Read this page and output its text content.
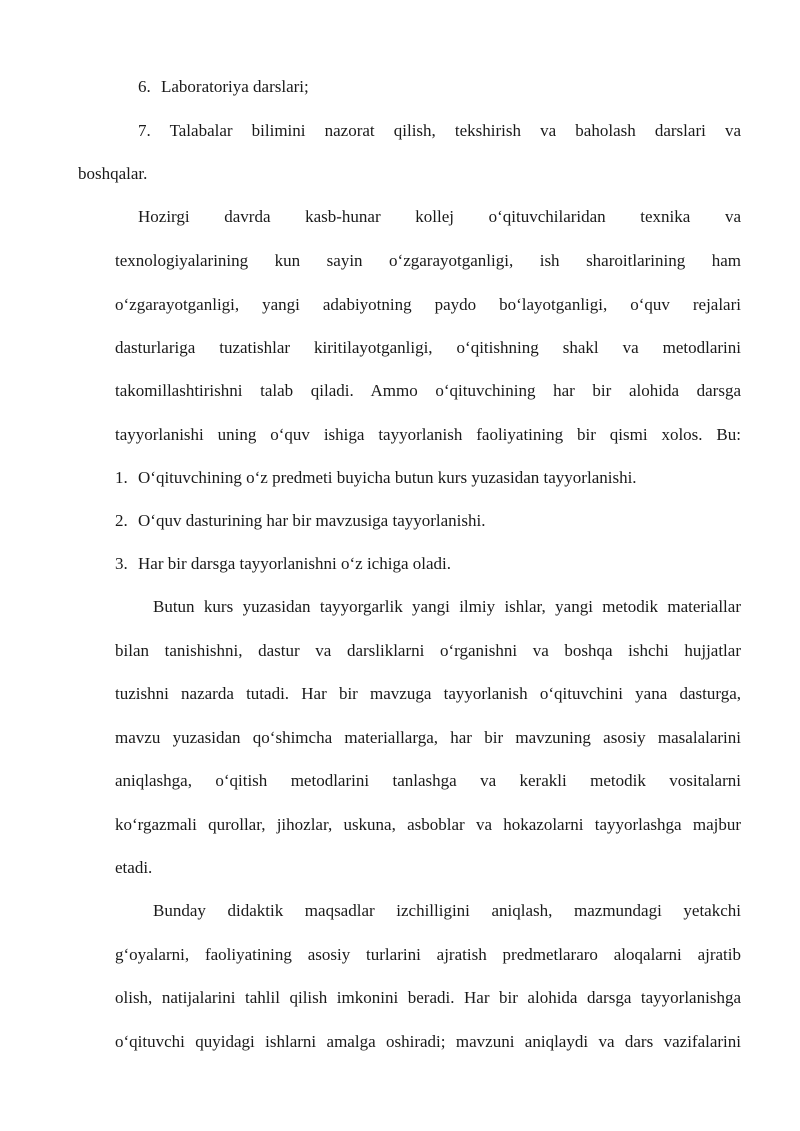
6. Laboratoriya darslari;

7. Talabalar bilimini nazorat qilish, tekshirish va baholash darslari va

boshqalar.

Hozirgi davrda kasb-hunar kollej o‘qituvchilaridan texnika va

texnologiyalarining kun sayin o‘zgarayotganligi, ish sharoitlarining ham

o‘zgarayotganligi, yangi adabiyotning paydo bo‘layotganligi, o‘quv rejalari

dasturlariga tuzatishlar kiritilayotganligi, o‘qitishning shakl va metodlarini

takomillashtirishni talab qiladi. Ammo o‘qituvchining har bir alohida darsga

tayyorlanishi uning o‘quv ishiga tayyorlanish faoliyatining bir qismi xolos. Bu:

1. O‘qituvchining o‘z predmeti buyicha butun kurs yuzasidan tayyorlanishi.

2. O‘quv dasturining har bir mavzusiga tayyorlanishi.

3. Har bir darsga tayyorlanishni o‘z ichiga oladi.

Butun kurs yuzasidan tayyorgarlik yangi ilmiy ishlar, yangi metodik materiallar

bilan tanishishni, dastur va darsliklarni o‘rganishni va boshqa ishchi hujjatlar

tuzishni nazarda tutadi. Har bir mavzuga tayyorlanish o‘qituvchini yana dasturga,

mavzu yuzasidan qo‘shimcha materiallarga, har bir mavzuning asosiy masalalarini

aniqlashga, o‘qitish metodlarini tanlashga va kerakli metodik vositalarni

ko‘rgazmali qurollar, jihozlar, uskuna, asboblar va hokazolarni tayyorlashga majbur

etadi.

Bunday didaktik maqsadlar izchilligini aniqlash, mazmundagi yetakchi

g‘oyalarni, faoliyatining asosiy turlarini ajratish predmetlararo aloqalarni ajratib

olish, natijalarini tahlil qilish imkonini beradi. Har bir alohida darsga tayyorlanishga

o‘qituvchi quyidagi ishlarni amalga oshiradi; mavzuni aniqlaydi va dars vazifalarini
